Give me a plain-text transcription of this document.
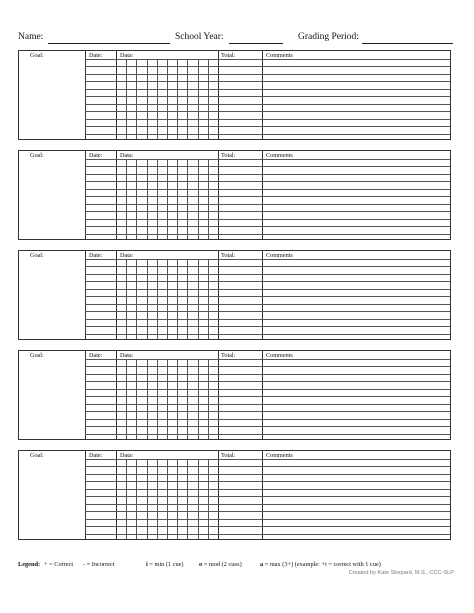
Name:	School Year:	Grading Period:
Goal:	Date:	Data:	Total:	Comments
Goal:	Date:	Data:	Total:	Comments
Goal:	Date:	Data:	Total:	Comments
Goal:	Date:	Data:	Total:	Comments
Goal:	Date:	Data:	Total:	Comments
Legend: + = Correct - = Incorrect	i = min (1 cue) o = mod (2 cues)	a = max (3+) (example: +i = correct with 1 cue)
Created by Kate Shepard, M.S., CCC-SLP
